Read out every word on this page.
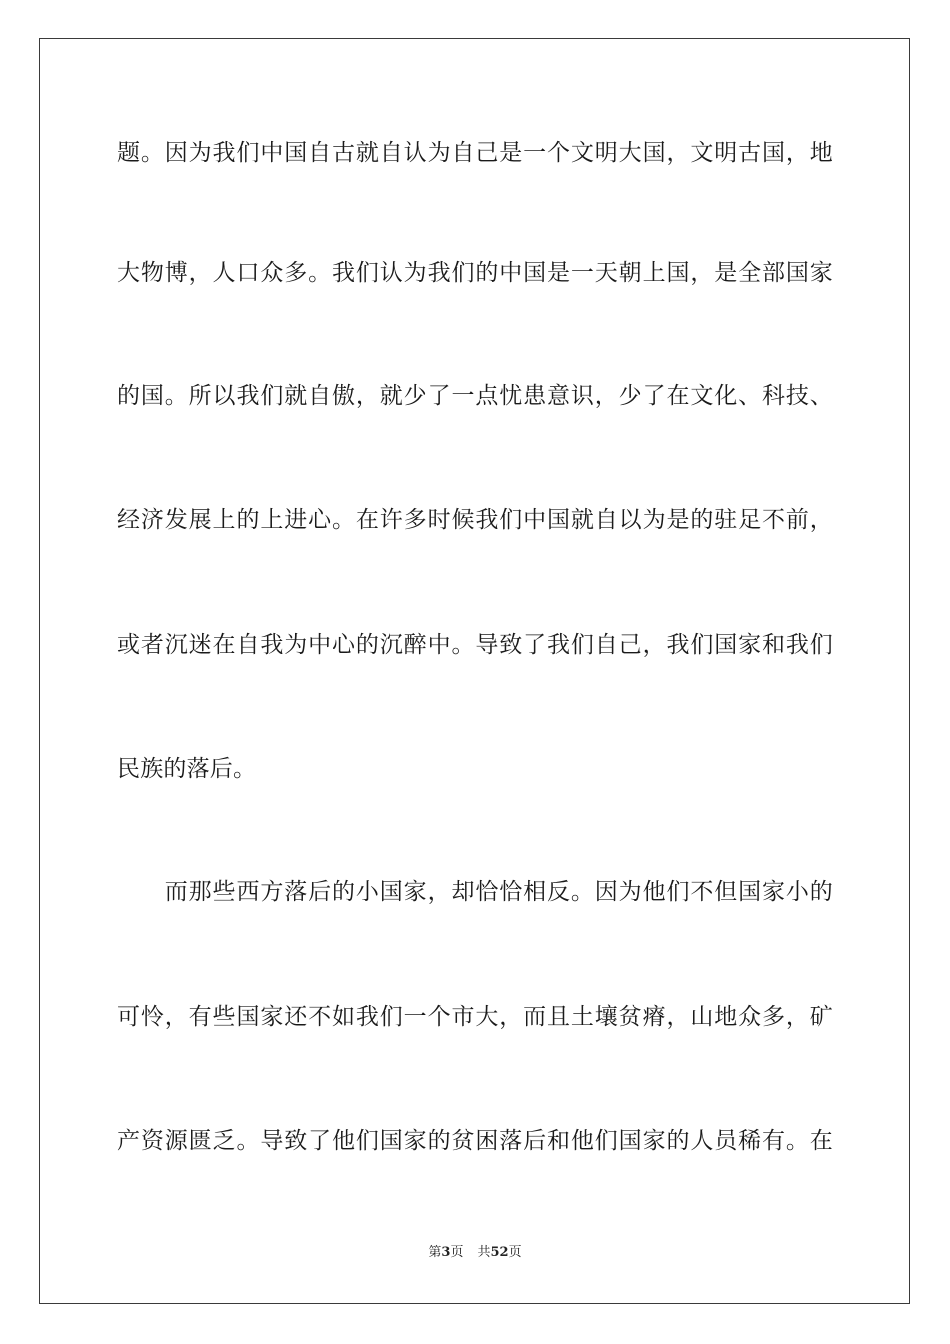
题。因为我们中国自古就自认为自己是一个文明大国，文明古国，地
大物博，人口众多。我们认为我们的中国是一天朝上国，是全部国家
的国。所以我们就自傲，就少了一点忧患意识，少了在文化、科技、
经济发展上的上进心。在许多时候我们中国就自以为是的驻足不前，
或者沉迷在自我为中心的沉醉中。导致了我们自己，我们国家和我们
民族的落后。
　　而那些西方落后的小国家，却恰恰相反。因为他们不但国家小的
可怜，有些国家还不如我们一个市大，而且土壤贫瘠，山地众多，矿
产资源匮乏。导致了他们国家的贫困落后和他们国家的人员稀有。在
第3页 共52页
